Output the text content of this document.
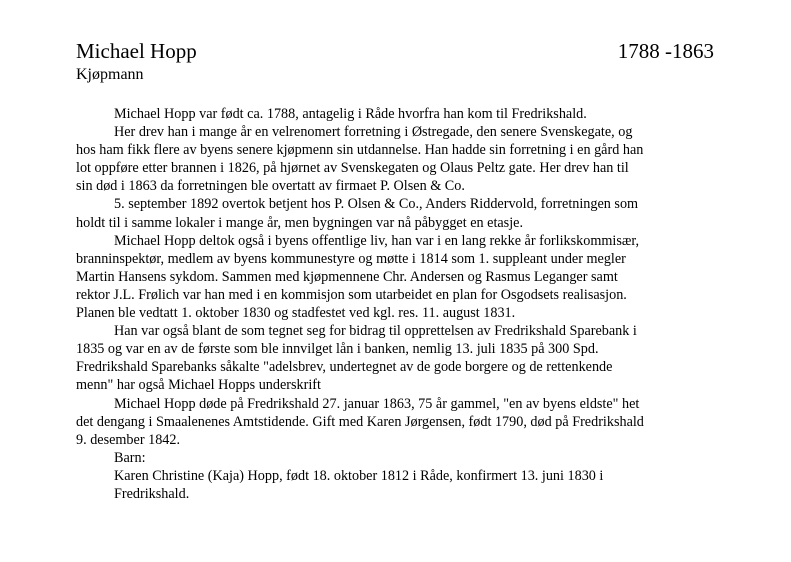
Michael Hopp	1788 -1863
Kjøpmann
Michael Hopp var født ca. 1788, antagelig i Råde hvorfra han kom til Fredrikshald.
Her drev han i mange år en velrenomert forretning i Østregade, den senere Svenskegate, og
hos ham fikk flere av byens senere kjøpmenn sin utdannelse. Han hadde sin forretning i en gård han
lot oppføre etter brannen i 1826, på hjørnet av Svenskegaten og Olaus Peltz gate. Her drev han til
sin død i 1863 da forretningen ble overtatt av firmaet P. Olsen & Co.
5. september 1892 overtok betjent hos P. Olsen & Co., Anders Riddervold, forretningen som
holdt til i samme lokaler i mange år, men bygningen var nå påbygget en etasje.
Michael Hopp deltok også i byens offentlige liv, han var i en lang rekke år forlikskommisær,
branninspektør, medlem av byens kommunestyre og møtte i 1814 som 1. suppleant under megler
Martin Hansens sykdom. Sammen med kjøpmennene Chr. Andersen og Rasmus Leganger samt
rektor J.L. Frølich var han med i en kommisjon som utarbeidet en plan for Osgodsets realisasjon.
Planen ble vedtatt 1. oktober 1830 og stadfestet ved kgl. res. 11. august 1831.
Han var også blant de som tegnet seg for bidrag til opprettelsen av Fredrikshald Sparebank i
1835 og var en av de første som ble innvilget lån i banken, nemlig 13. juli 1835 på 300 Spd.
Fredrikshald Sparebanks såkalte "adelsbrev, undertegnet av de gode borgere og de rettenkende
menn" har også Michael Hopps underskrift
Michael Hopp døde på Fredrikshald 27. januar 1863, 75 år gammel, "en av byens eldste" het
det dengang i Smaalenenes Amtstidende. Gift med Karen Jørgensen, født 1790, død på Fredrikshald
9. desember 1842.
Barn:
Karen Christine (Kaja) Hopp, født 18. oktober 1812 i Råde, konfirmert 13. juni 1830 i
Fredrikshald.
